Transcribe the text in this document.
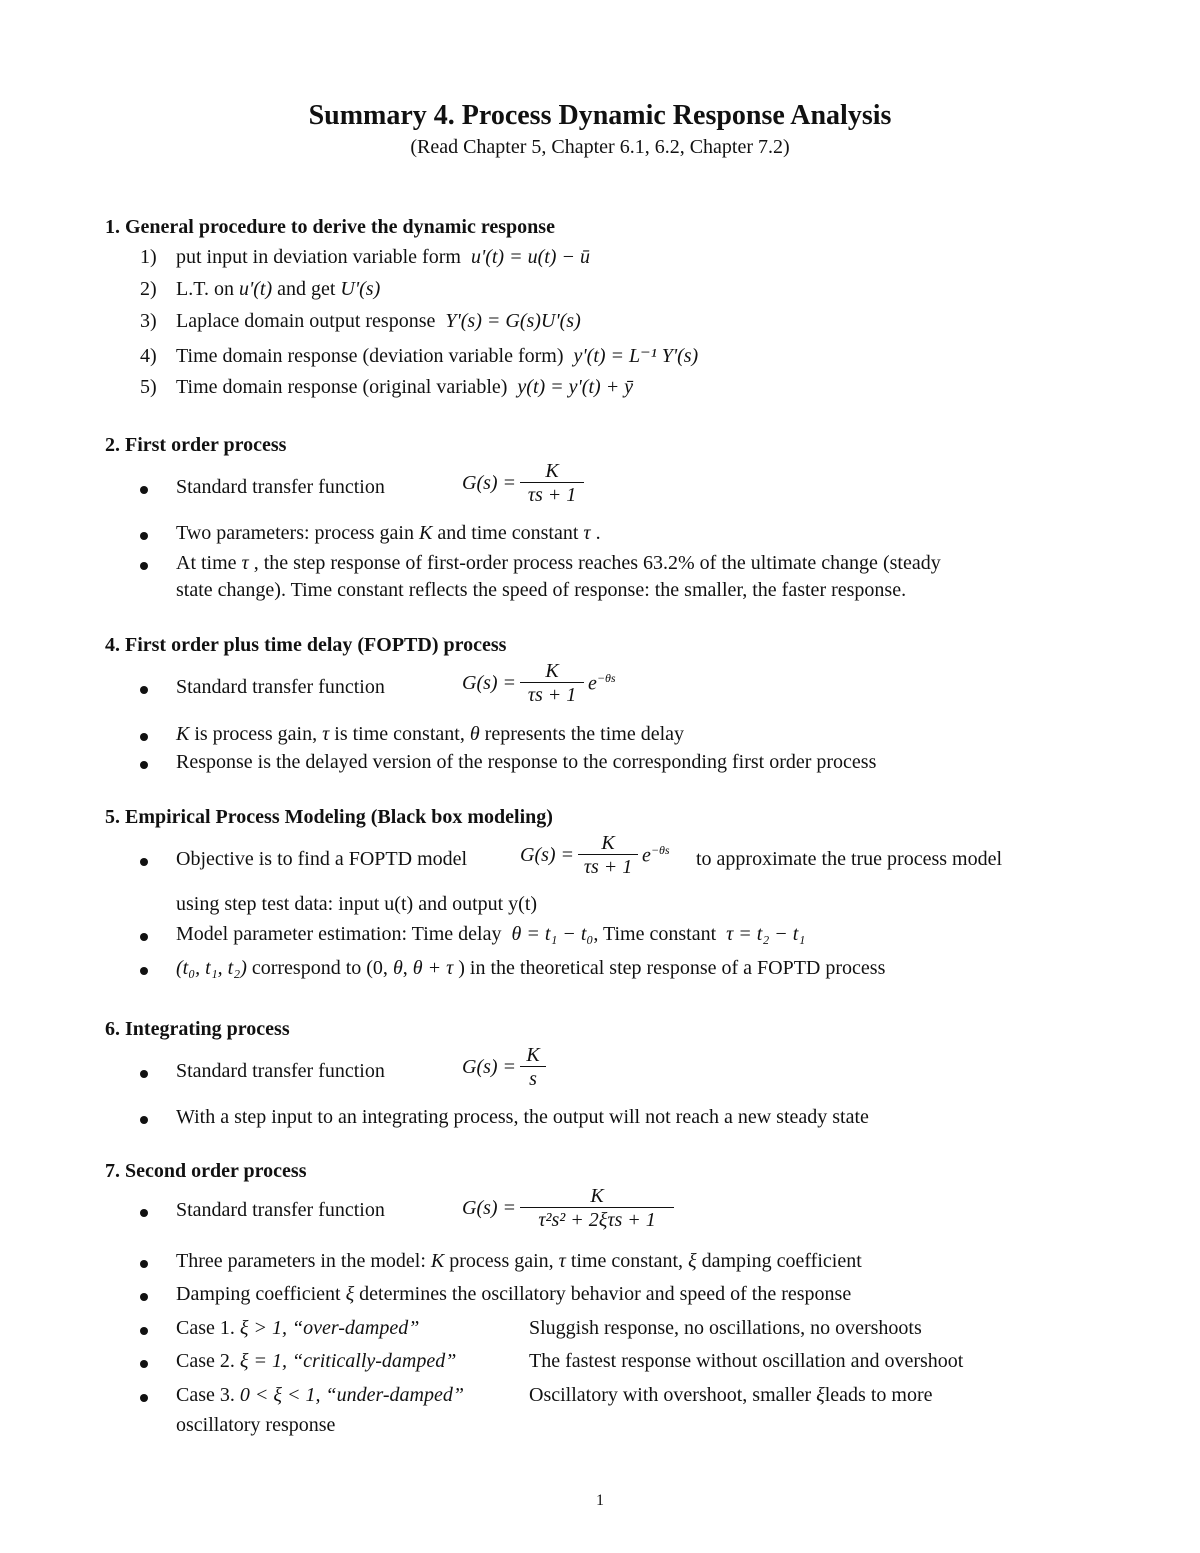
Summary 4. Process Dynamic Response Analysis
(Read Chapter 5, Chapter 6.1, 6.2, Chapter 7.2)
1. General procedure to derive the dynamic response
1) put input in deviation variable form u'(t) = u(t) − ū
2) L.T. on u'(t) and get U'(s)
3) Laplace domain output response Y'(s) = G(s)U'(s)
4) Time domain response (deviation variable form) y'(t) = L⁻¹ Y'(s)
5) Time domain response (original variable) y(t) = y'(t) + ȳ
2. First order process
Standard transfer function	$G(s) = \frac{K}{\tau s + 1}$
Two parameters: process gain K and time constant τ .
At time τ , the step response of first-order process reaches 63.2% of the ultimate change (steady
state change). Time constant reflects the speed of response: the smaller, the faster response.
4. First order plus time delay (FOPTD) process
Standard transfer function	$G(s) = \frac{K}{\tau s + 1} e^{-\theta s}$
K is process gain, τ is time constant, θ represents the time delay
Response is the delayed version of the response to the corresponding first order process
5. Empirical Process Modeling (Black box modeling)
Objective is to find a FOPTD model	$G(s) = \frac{K}{\tau s + 1} e^{-\theta s}$ to approximate the true process model
using step test data: input u(t) and output y(t)
Model parameter estimation: Time delay θ = t₁ − t₀, Time constant τ = t₂ − t₁
(t₀, t₁, t₂) correspond to (0, θ, θ + τ ) in the theoretical step response of a FOPTD process
6. Integrating process
Standard transfer function	$G(s) = \frac{K}{s}$
With a step input to an integrating process, the output will not reach a new steady state
7. Second order process
Standard transfer function	$G(s) = \frac{K}{\text{τ²s² + 2ξτs + 1}}$
Three parameters in the model: K process gain, τ time constant, ξ damping coefficient
Damping coefficient ξ determines the oscillatory behavior and speed of the response
Case 1. ξ > 1, “over-damped”	Sluggish response, no oscillations, no overshoots
Case 2. ξ = 1, “critically-damped”	The fastest response without oscillation and overshoot
Case 3. 0 < ξ < 1, “under-damped”	Oscillatory with overshoot, smaller ξleads to more
oscillatory response
1
